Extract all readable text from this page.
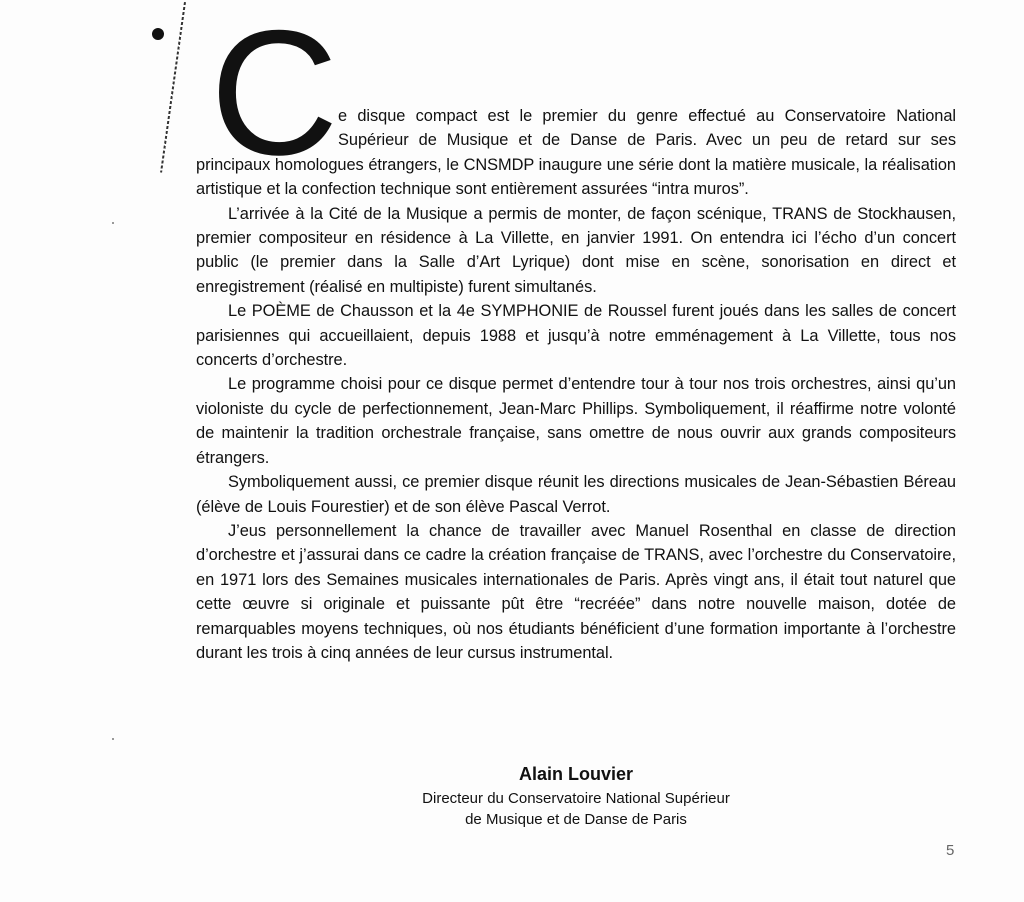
C e disque compact est le premier du genre effectué au Conservatoire National Supérieur de Musique et de Danse de Paris. Avec un peu de retard sur ses principaux homologues étrangers, le CNSMDP inaugure une série dont la matière musicale, la réalisation artistique et la confection technique sont entièrement assurées “intra muros”.

L’arrivée à la Cité de la Musique a permis de monter, de façon scénique, TRANS de Stockhausen, premier compositeur en résidence à La Villette, en janvier 1991. On entendra ici l’écho d’un concert public (le premier dans la Salle d’Art Lyrique) dont mise en scène, sonorisation en direct et enregistrement (réalisé en multipiste) furent simultanés.

Le POÈME de Chausson et la 4e SYMPHONIE de Roussel furent joués dans les salles de concert parisiennes qui accueillaient, depuis 1988 et jusqu’à notre emménagement à La Villette, tous nos concerts d’orchestre.

Le programme choisi pour ce disque permet d’entendre tour à tour nos trois orchestres, ainsi qu’un violoniste du cycle de perfectionnement, Jean-Marc Phillips. Symboliquement, il réaffirme notre volonté de maintenir la tradition orchestrale française, sans omettre de nous ouvrir aux grands compositeurs étrangers.

Symboliquement aussi, ce premier disque réunit les directions musicales de Jean-Sébastien Béreau (élève de Louis Fourestier) et de son élève Pascal Verrot.

J’eus personnellement la chance de travailler avec Manuel Rosenthal en classe de direction d’orchestre et j’assurai dans ce cadre la création française de TRANS, avec l’orchestre du Conservatoire, en 1971 lors des Semaines musicales internationales de Paris. Après vingt ans, il était tout naturel que cette œuvre si originale et puissante pût être “recréée” dans notre nouvelle maison, dotée de remarquables moyens techniques, où nos étudiants bénéficient d’une formation importante à l’orchestre durant les trois à cinq années de leur cursus instrumental.

Alain Louvier
Directeur du Conservatoire National Supérieur
de Musique et de Danse de Paris
5
